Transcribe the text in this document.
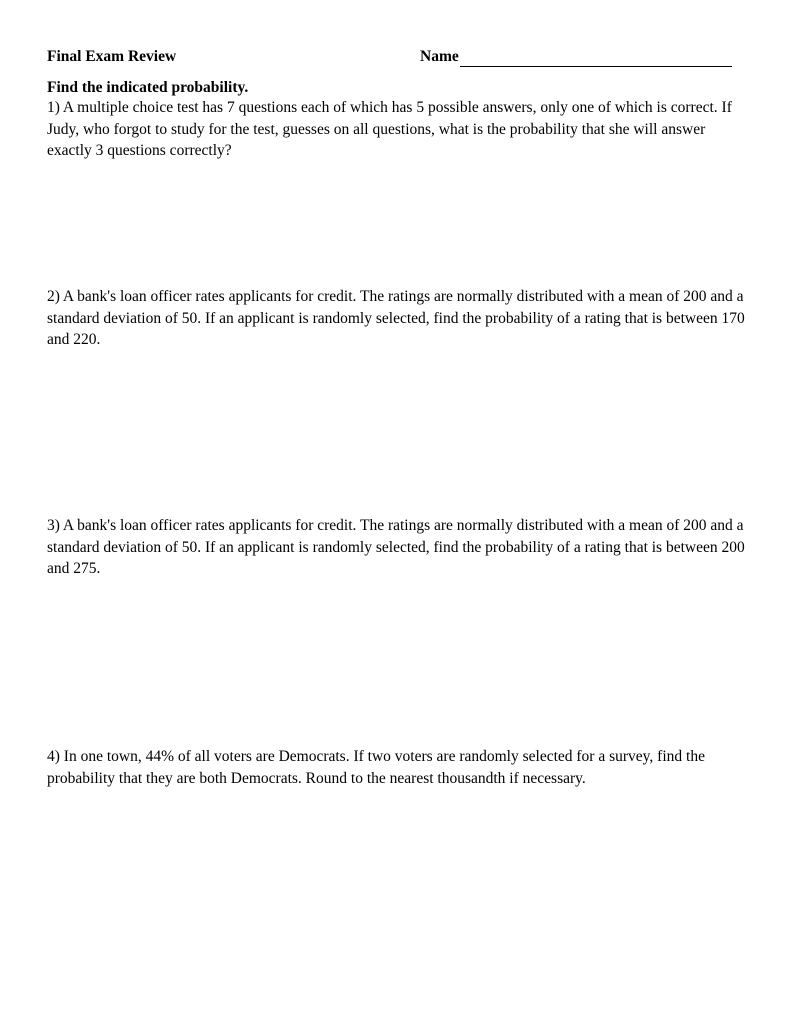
Final Exam Review	Name
Find the indicated probability.
1) A multiple choice test has 7 questions each of which has 5 possible answers, only one of which is correct. If Judy, who forgot to study for the test, guesses on all questions, what is the probability that she will answer exactly 3 questions correctly?
2) A bank's loan officer rates applicants for credit. The ratings are normally distributed with a mean of 200 and a standard deviation of 50. If an applicant is randomly selected, find the probability of a rating that is between 170 and 220.
3) A bank's loan officer rates applicants for credit. The ratings are normally distributed with a mean of 200 and a standard deviation of 50. If an applicant is randomly selected, find the probability of a rating that is between 200 and 275.
4) In one town, 44% of all voters are Democrats. If two voters are randomly selected for a survey, find the probability that they are both Democrats. Round to the nearest thousandth if necessary.
